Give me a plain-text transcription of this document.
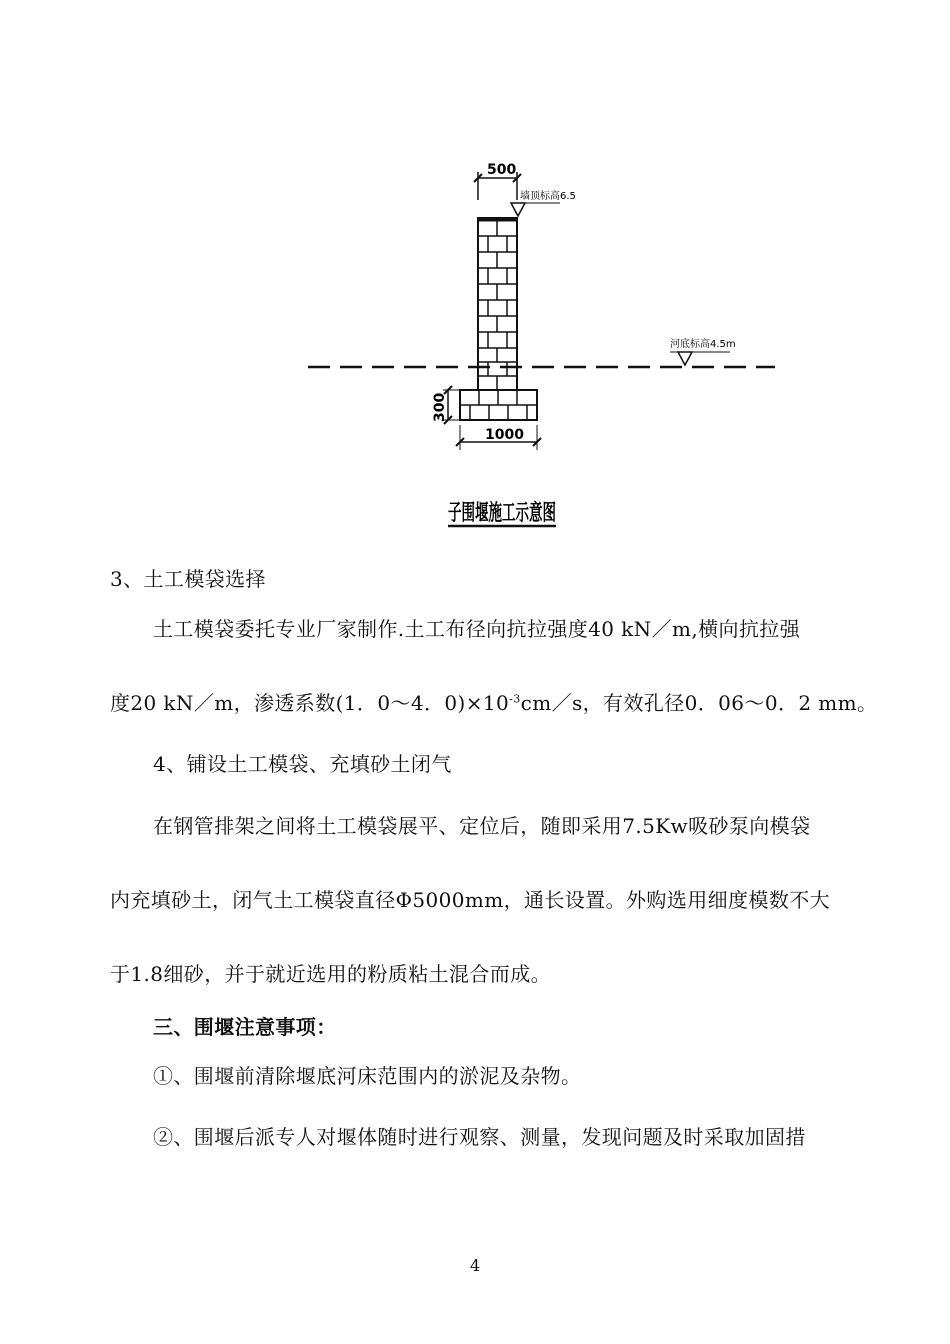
500
墙顶标高6.5
河底标高4.5m
300
1000
子围堰施工示意图
3、土工模袋选择
土工模袋委托专业厂家制作.土工布径向抗拉强度40 kN／m,横向抗拉强
度20 kN／m，渗透系数(1．0～4．$0)\times 10^{-3}cm/s$，有效孔径0．06～0．2 mm。
4、铺设土工模袋、充填砂土闭气
在钢管排架之间将土工模袋展平、定位后，随即采用7.5Kw吸砂泵向模袋
内充填砂土，闭气土工模袋直径Φ5000mm，通长设置。外购选用细度模数不大
于1.8细砂，并于就近选用的粉质粘土混合而成。
三、围堰注意事项：
①、围堰前清除堰底河床范围内的淤泥及杂物。
②、围堰后派专人对堰体随时进行观察、测量，发现问题及时采取加固措
4
